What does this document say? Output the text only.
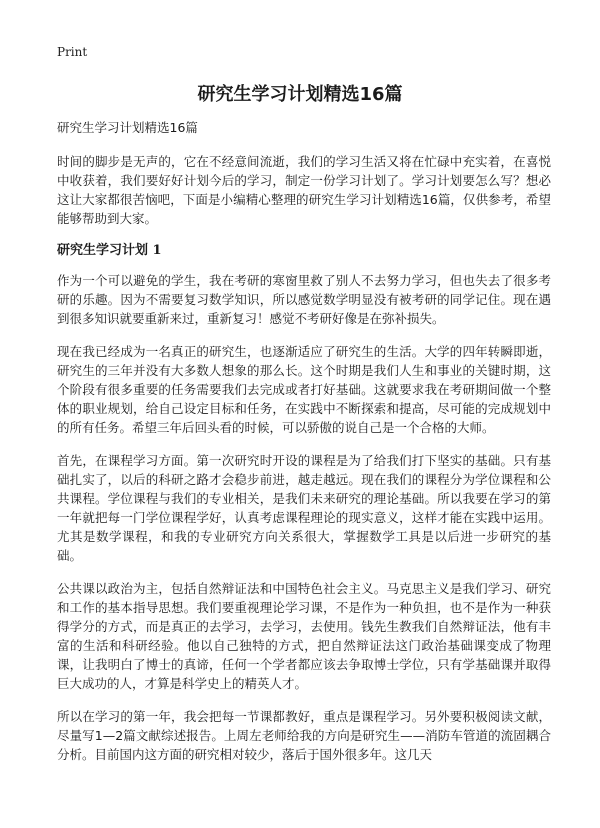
Print
研究生学习计划精选16篇

研究生学习计划精选16篇

时间的脚步是无声的，它在不经意间流逝，我们的学习生活又将在忙碌中充实着，在喜悦中收获着，我们要好好计划今后的学习，制定一份学习计划了。学习计划要怎么写？想必这让大家都很苦恼吧，下面是小编精心整理的研究生学习计划精选16篇，仅供参考，希望能够帮助到大家。

研究生学习计划 1

作为一个可以避免的学生，我在考研的寒窗里救了别人不去努力学习，但也失去了很多考研的乐趣。因为不需要复习数学知识，所以感觉数学明显没有被考研的同学记住。现在遇到很多知识就要重新来过，重新复习！感觉不考研好像是在弥补损失。

现在我已经成为一名真正的研究生，也逐渐适应了研究生的生活。大学的四年转瞬即逝，研究生的三年并没有大多数人想象的那么长。这个时期是我们人生和事业的关键时期，这个阶段有很多重要的任务需要我们去完成或者打好基础。这就要求我在考研期间做一个整体的职业规划，给自己设定目标和任务，在实践中不断探索和提高，尽可能的完成规划中的所有任务。希望三年后回头看的时候，可以骄傲的说自己是一个合格的大师。

首先，在课程学习方面。第一次研究时开设的课程是为了给我们打下坚实的基础。只有基础扎实了，以后的科研之路才会稳步前进，越走越远。现在我们的课程分为学位课程和公共课程。学位课程与我们的专业相关，是我们未来研究的理论基础。所以我要在学习的第一年就把每一门学位课程学好，认真考虑课程理论的现实意义，这样才能在实践中运用。尤其是数学课程，和我的专业研究方向关系很大，掌握数学工具是以后进一步研究的基础。

公共课以政治为主，包括自然辩证法和中国特色社会主义。马克思主义是我们学习、研究和工作的基本指导思想。我们要重视理论学习课，不是作为一种负担，也不是作为一种获得学分的方式，而是真正的去学习，去学习，去使用。钱先生教我们自然辩证法，他有丰富的生活和科研经验。他以自己独特的方式，把自然辩证法这门政治基础课变成了物理课，让我明白了博士的真谛，任何一个学者都应该去争取博士学位，只有学基础课并取得巨大成功的人，才算是科学史上的精英人才。

所以在学习的第一年，我会把每一节课都教好，重点是课程学习。另外要积极阅读文献，尽量写1—2篇文献综述报告。上周左老师给我的方向是研究生——消防车管道的流固耦合分析。目前国内这方面的研究相对较少，落后于国外很多年。这几天
